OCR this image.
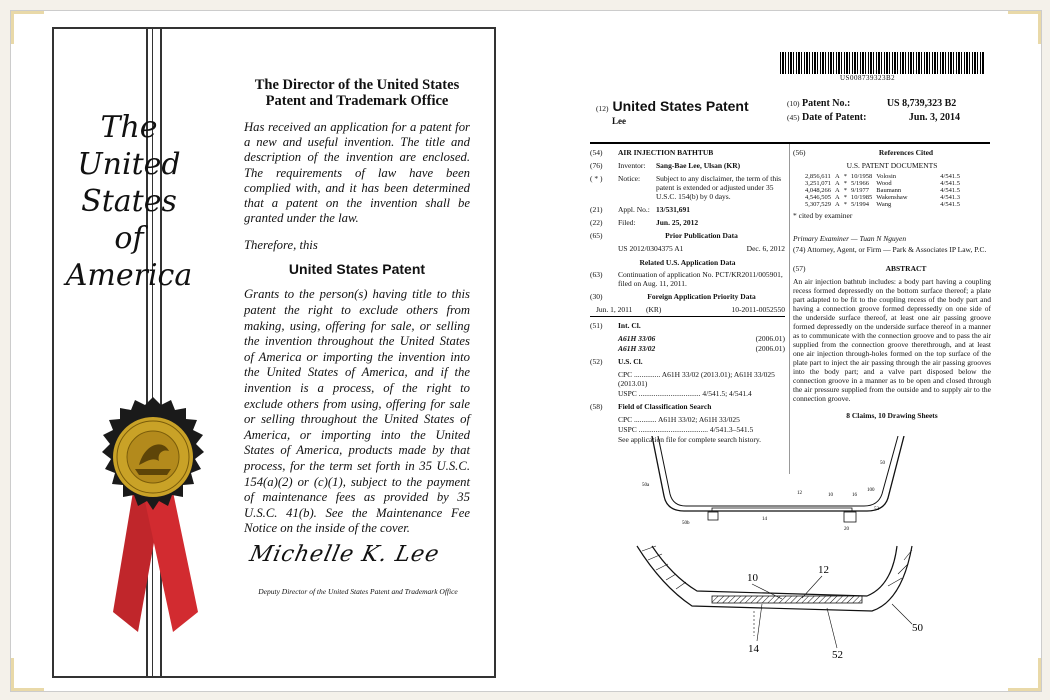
The
United
States
of
America
The Director of the United States Patent and Trademark Office
Has received an application for a patent for a new and useful invention. The title and description of the invention are enclosed. The requirements of law have been complied with, and it has been determined that a patent on the invention shall be granted under the law.
Therefore, this
United States Patent
Grants to the person(s) having title to this patent the right to exclude others from making, using, offering for sale, or selling the invention throughout the United States of America or importing the invention into the United States of America, and if the invention is a process, of the right to exclude others from using, offering for sale or selling throughout the United States of America, or importing into the United States of America, products made by that process, for the term set forth in 35 U.S.C. 154(a)(2) or (c)(1), subject to the payment of maintenance fees as provided by 35 U.S.C. 41(b). See the Maintenance Fee Notice on the inside of the cover.
Michelle K. Lee
Deputy Director of the United States Patent and Trademark Office
US008739323B2
(12) United States Patent
Lee
(10) Patent No.:	US 8,739,323 B2
(45) Date of Patent:	Jun. 3, 2014
(54)	AIR INJECTION BATHTUB
(76)	Inventor:	Sang-Bae Lee, Ulsan (KR)
( * )	Notice:	Subject to any disclaimer, the term of this patent is extended or adjusted under 35 U.S.C. 154(b) by 0 days.
(21)	Appl. No.: 13/531,691
(22)	Filed:	Jun. 25, 2012
(65)	Prior Publication Data
US 2012/0304375 A1	Dec. 6, 2012
Related U.S. Application Data
(63)	Continuation of application No. PCT/KR2011/005901, filed on Aug. 11, 2011.
(30)	Foreign Application Priority Data
Jun. 1, 2011	(KR)	10-2011-0052550
(51)	Int. Cl.
A61H 33/06	(2006.01)
A61H 33/02	(2006.01)
(52)	U.S. Cl.
CPC .............. A61H 33/02 (2013.01); A61H 33/025 (2013.01)
USPC ................................. 4/541.5; 4/541.4
(58)	Field of Classification Search
CPC ............ A61H 33/02; A61H 33/025
USPC ..................................... 4/541.3–541.5
See application file for complete search history.
(56)	References Cited
U.S. PATENT DOCUMENTS
2,856,611	A	*	10/1958	Volosin	4/541.5
3,251,071	A	*	5/1966	Wood	4/541.5
4,048,266	A	*	9/1977	Baumann	4/541.5
4,546,505	A	*	10/1985	Wakenshaw	4/541.3
5,307,529	A	*	5/1994	Wang	4/541.5
* cited by examiner
Primary Examiner — Tuan N Nguyen
(74) Attorney, Agent, or Firm — Park & Associates IP Law, P.C.
(57)	ABSTRACT
An air injection bathtub includes: a body part having a coupling recess formed depressedly on the bottom surface thereof; a plate part adapted to be fit to the coupling recess of the body part and having a connection groove formed depressedly on one side of the underside surface thereof, at least one air passing groove formed depressedly on the underside surface thereof in a manner as to communicate with the connection groove and to pass the air supplied from the connection groove therethrough, and at least one air injection through-holes formed on the top surface of the plate part to inject the air passing through the air passing grooves into the body part; and a valve part disposed below the connection groove in a manner as to be open and closed through the air pressure supplied from the outside and to supply air to the connection groove.
8 Claims, 10 Drawing Sheets
50
50a
12	10	16
100
50b
14
20
52
10
12
14	52
50
